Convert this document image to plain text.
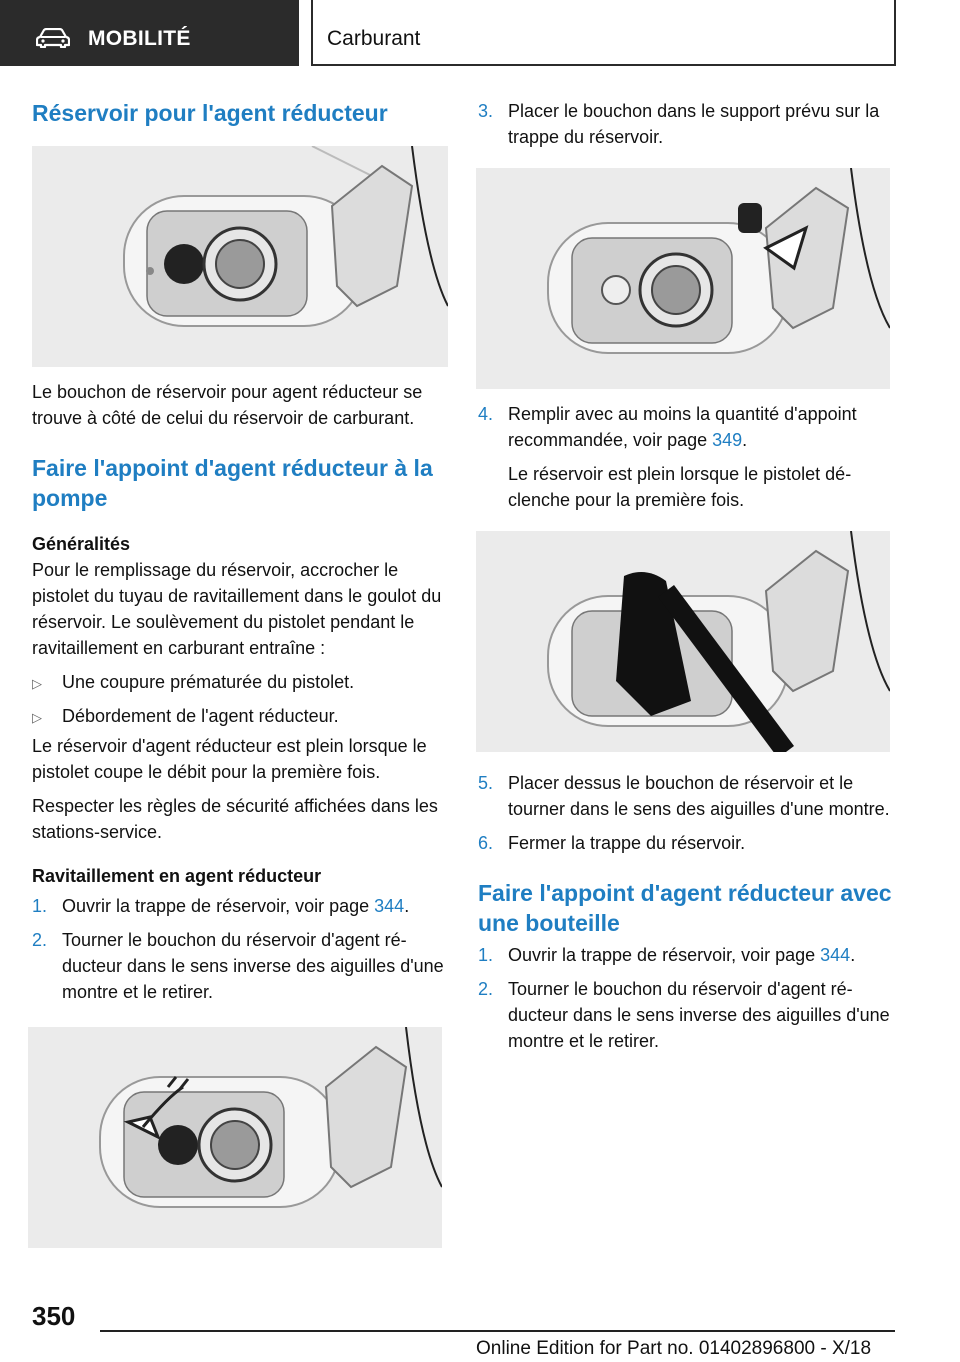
MOBILITÉ	Carburant
Réservoir pour l'agent réducteur
Le bouchon de réservoir pour agent réducteur se trouve à côté de celui du réservoir de carburant.
Faire l'appoint d'agent réducteur à la pompe
Généralités
Pour le remplissage du réservoir, accrocher le pistolet du tuyau de ravitaillement dans le goulot du réservoir. Le soulèvement du pistolet pendant le ravitaillement en carburant entraîne :
▷ Une coupure prématurée du pistolet.
▷ Débordement de l'agent réducteur.
Le réservoir d'agent réducteur est plein lorsque le pistolet coupe le débit pour la première fois.
Respecter les règles de sécurité affichées dans les stations-service.
Ravitaillement en agent réducteur
1. Ouvrir la trappe de réservoir, voir page 344.
2. Tourner le bouchon du réservoir d'agent réducteur dans le sens inverse des aiguilles d'une montre et le retirer.
3. Placer le bouchon dans le support prévu sur la trappe du réservoir.
4. Remplir avec au moins la quantité d'appoint recommandée, voir page 349.
Le réservoir est plein lorsque le pistolet déclenche pour la première fois.
5. Placer dessus le bouchon de réservoir et le tourner dans le sens des aiguilles d'une montre.
6. Fermer la trappe du réservoir.
Faire l'appoint d'agent réducteur avec une bouteille
1. Ouvrir la trappe de réservoir, voir page 344.
2. Tourner le bouchon du réservoir d'agent réducteur dans le sens inverse des aiguilles d'une montre et le retirer.
350
Online Edition for Part no. 01402896800 - X/18
